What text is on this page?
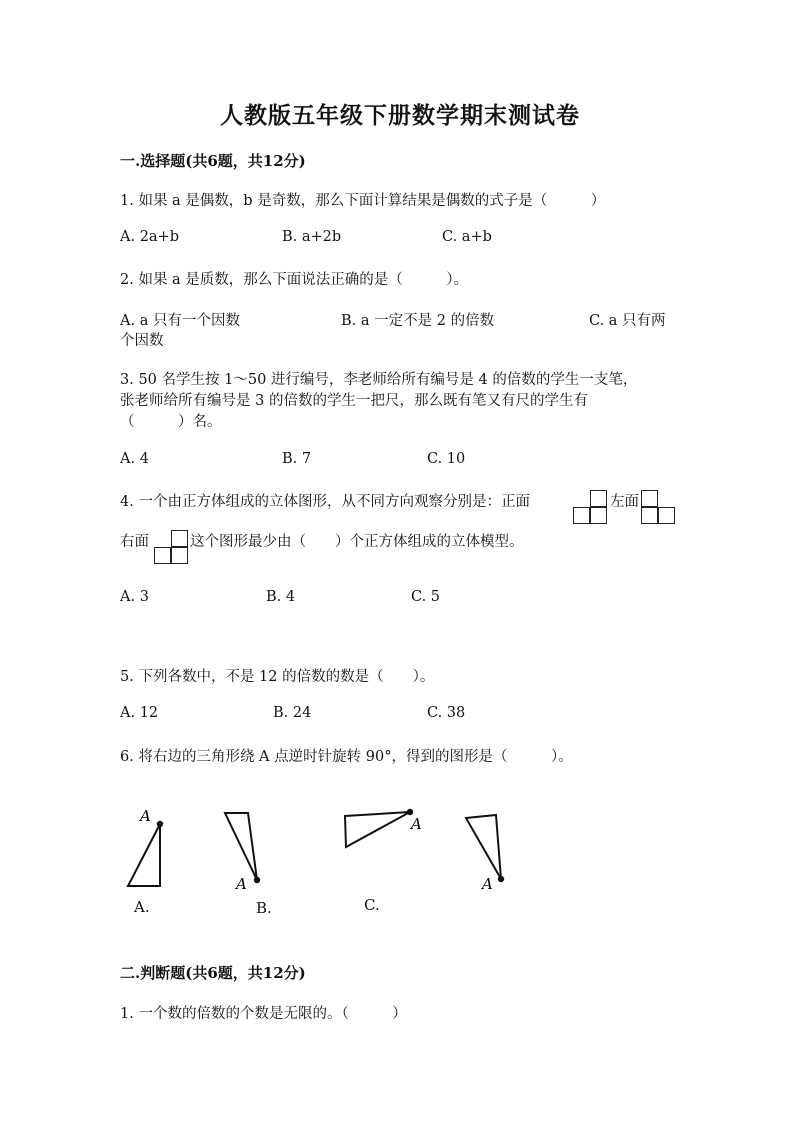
人教版五年级下册数学期末测试卷
一.选择题(共6题，共12分)
1. 如果 a 是偶数，b 是奇数，那么下面计算结果是偶数的式子是（　　　）
A. 2a+b	B. a+2b	C. a+b
2. 如果 a 是质数，那么下面说法正确的是（　　　）。
A. a 只有一个因数	B. a 一定不是 2 的倍数	C. a 只有两
个因数
3. 50 名学生按 1～50 进行编号，李老师给所有编号是 4 的倍数的学生一支笔，
张老师给所有编号是 3 的倍数的学生一把尺，那么既有笔又有尺的学生有
（　　　）名。
A. 4	B. 7	C. 10
4. 一个由正方体组成的立体图形，从不同方向观察分别是：正面	左面
右面	这个图形最少由（　　）个正方体组成的立体模型。
A. 3	B. 4	C. 5
5. 下列各数中，不是 12 的倍数的数是（　　）。
A. 12	B. 24	C. 38
6. 将右边的三角形绕 A 点逆时针旋转 90°，得到的图形是（　　　）。
A
A
A
A
A.	B.	C.
二.判断题(共6题，共12分)
1. 一个数的倍数的个数是无限的。（　　　）
